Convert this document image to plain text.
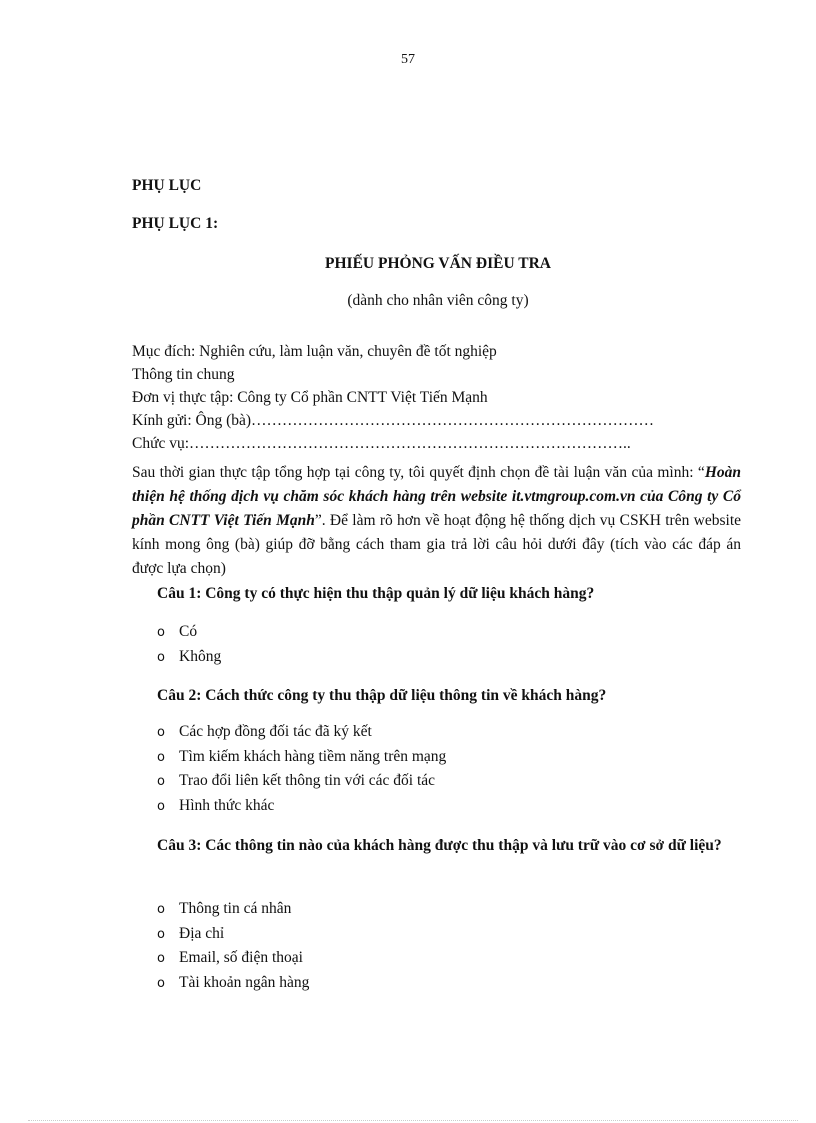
57
PHỤ LỤC
PHỤ LỤC 1:
PHIẾU PHỎNG VẤN ĐIỀU TRA
(dành cho nhân viên công ty)
Mục đích: Nghiên cứu, làm luận văn, chuyên đề tốt nghiệp
Thông tin chung
Đơn vị thực tập: Công ty Cổ phần CNTT Việt Tiến Mạnh
Kính gửi: Ông (bà)……………………………………………………………………
Chức vụ:…………………………………………………………………………..
Sau thời gian thực tập tổng hợp tại công ty, tôi quyết định chọn đề tài luận văn của mình: “Hoàn thiện hệ thống dịch vụ chăm sóc khách hàng trên website it.vtmgroup.com.vn của Công ty Cổ phần CNTT Việt Tiến Mạnh”. Để làm rõ hơn về hoạt động hệ thống dịch vụ CSKH trên website kính mong ông (bà) giúp đỡ bằng cách tham gia trả lời câu hỏi dưới đây (tích vào các đáp án được lựa chọn)
Câu 1: Công ty có thực hiện thu thập quản lý dữ liệu khách hàng?
o Có
o Không
Câu 2: Cách thức công ty thu thập dữ liệu thông tin về khách hàng?
o Các hợp đồng đối tác đã ký kết
o Tìm kiếm khách hàng tiềm năng trên mạng
o Trao đổi liên kết thông tin với các đối tác
o Hình thức khác
Câu 3: Các thông tin nào của khách hàng được thu thập và lưu trữ vào cơ sở dữ liệu?
o Thông tin cá nhân
o Địa chỉ
o Email, số điện thoại
o Tài khoản ngân hàng
